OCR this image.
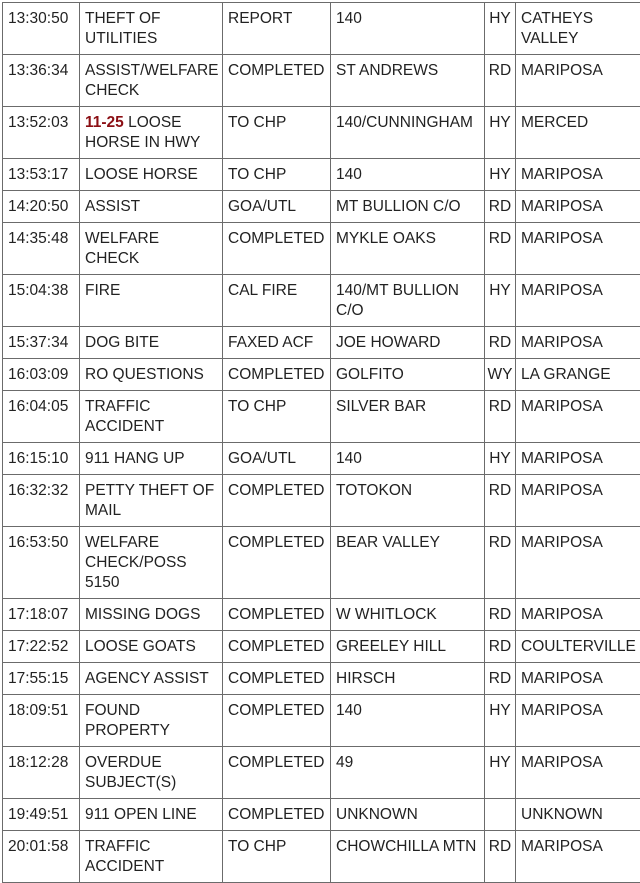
13:30:50	THEFT OF UTILITIES	REPORT	140	HY	CATHEYS VALLEY
13:36:34	ASSIST/WELFARE CHECK	COMPLETED	ST ANDREWS	RD	MARIPOSA
13:52:03	11-25 LOOSE HORSE IN HWY	TO CHP	140/CUNNINGHAM	HY	MERCED
13:53:17	LOOSE HORSE	TO CHP	140	HY	MARIPOSA
14:20:50	ASSIST	GOA/UTL	MT BULLION C/O	RD	MARIPOSA
14:35:48	WELFARE CHECK	COMPLETED	MYKLE OAKS	RD	MARIPOSA
15:04:38	FIRE	CAL FIRE	140/MT BULLION C/O	HY	MARIPOSA
15:37:34	DOG BITE	FAXED ACF	JOE HOWARD	RD	MARIPOSA
16:03:09	RO QUESTIONS	COMPLETED	GOLFITO	WY	LA GRANGE
16:04:05	TRAFFIC ACCIDENT	TO CHP	SILVER BAR	RD	MARIPOSA
16:15:10	911 HANG UP	GOA/UTL	140	HY	MARIPOSA
16:32:32	PETTY THEFT OF MAIL	COMPLETED	TOTOKON	RD	MARIPOSA
16:53:50	WELFARE CHECK/POSS 5150	COMPLETED	BEAR VALLEY	RD	MARIPOSA
17:18:07	MISSING DOGS	COMPLETED	W WHITLOCK	RD	MARIPOSA
17:22:52	LOOSE GOATS	COMPLETED	GREELEY HILL	RD	COULTERVILLE
17:55:15	AGENCY ASSIST	COMPLETED	HIRSCH	RD	MARIPOSA
18:09:51	FOUND PROPERTY	COMPLETED	140	HY	MARIPOSA
18:12:28	OVERDUE SUBJECT(S)	COMPLETED	49	HY	MARIPOSA
19:49:51	911 OPEN LINE	COMPLETED	UNKNOWN		UNKNOWN
20:01:58	TRAFFIC ACCIDENT	TO CHP	CHOWCHILLA MTN	RD	MARIPOSA
